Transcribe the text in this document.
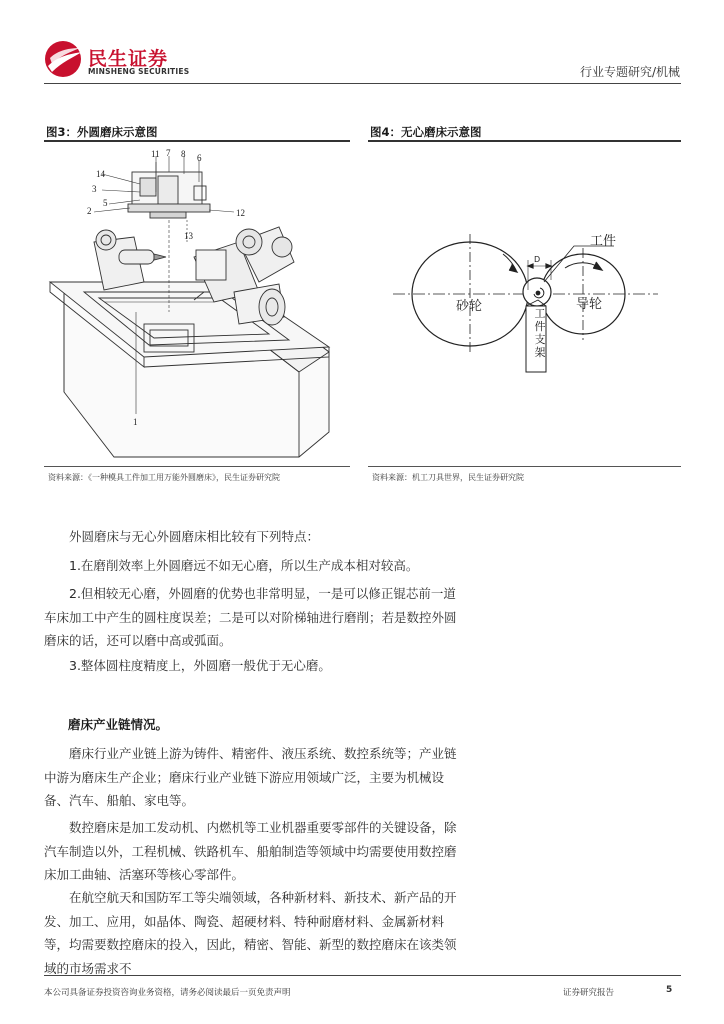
民生证券
MINSHENG SECURITIES	行业专题研究/机械
图3：外圆磨床示意图
11 7 8 6
14
3
5
2	12
13
1
资料来源：《一种模具工件加工用万能外圆磨床》，民生证券研究院
图4：无心磨床示意图
工件
D
砂轮	导轮
工
件
支
架
资料来源：机工刀具世界，民生证券研究院

外圆磨床与无心外圆磨床相比较有下列特点：

1.在磨削效率上外圆磨远不如无心磨，所以生产成本相对较高。

2.但相较无心磨，外圆磨的优势也非常明显，一是可以修正锟芯前一道车床加工中产生的圆柱度误差；二是可以对阶梯轴进行磨削；若是数控外圆磨床的话，还可以磨中高或弧面。

3.整体圆柱度精度上，外圆磨一般优于无心磨。

磨床产业链情况。

磨床行业产业链上游为铸件、精密件、液压系统、数控系统等；产业链中游为磨床生产企业；磨床行业产业链下游应用领域广泛，主要为机械设备、汽车、船舶、家电等。

数控磨床是加工发动机、内燃机等工业机器重要零部件的关键设备，除汽车制造以外，工程机械、铁路机车、船舶制造等领域中均需要使用数控磨床加工曲轴、活塞环等核心零部件。

在航空航天和国防军工等尖端领域，各种新材料、新技术、新产品的开发、加工、应用，如晶体、陶瓷、超硬材料、特种耐磨材料、金属新材料等，均需要数控磨床的投入，因此，精密、智能、新型的数控磨床在该类领域的市场需求不

本公司具备证券投资咨询业务资格，请务必阅读最后一页免责声明	证券研究报告	5
